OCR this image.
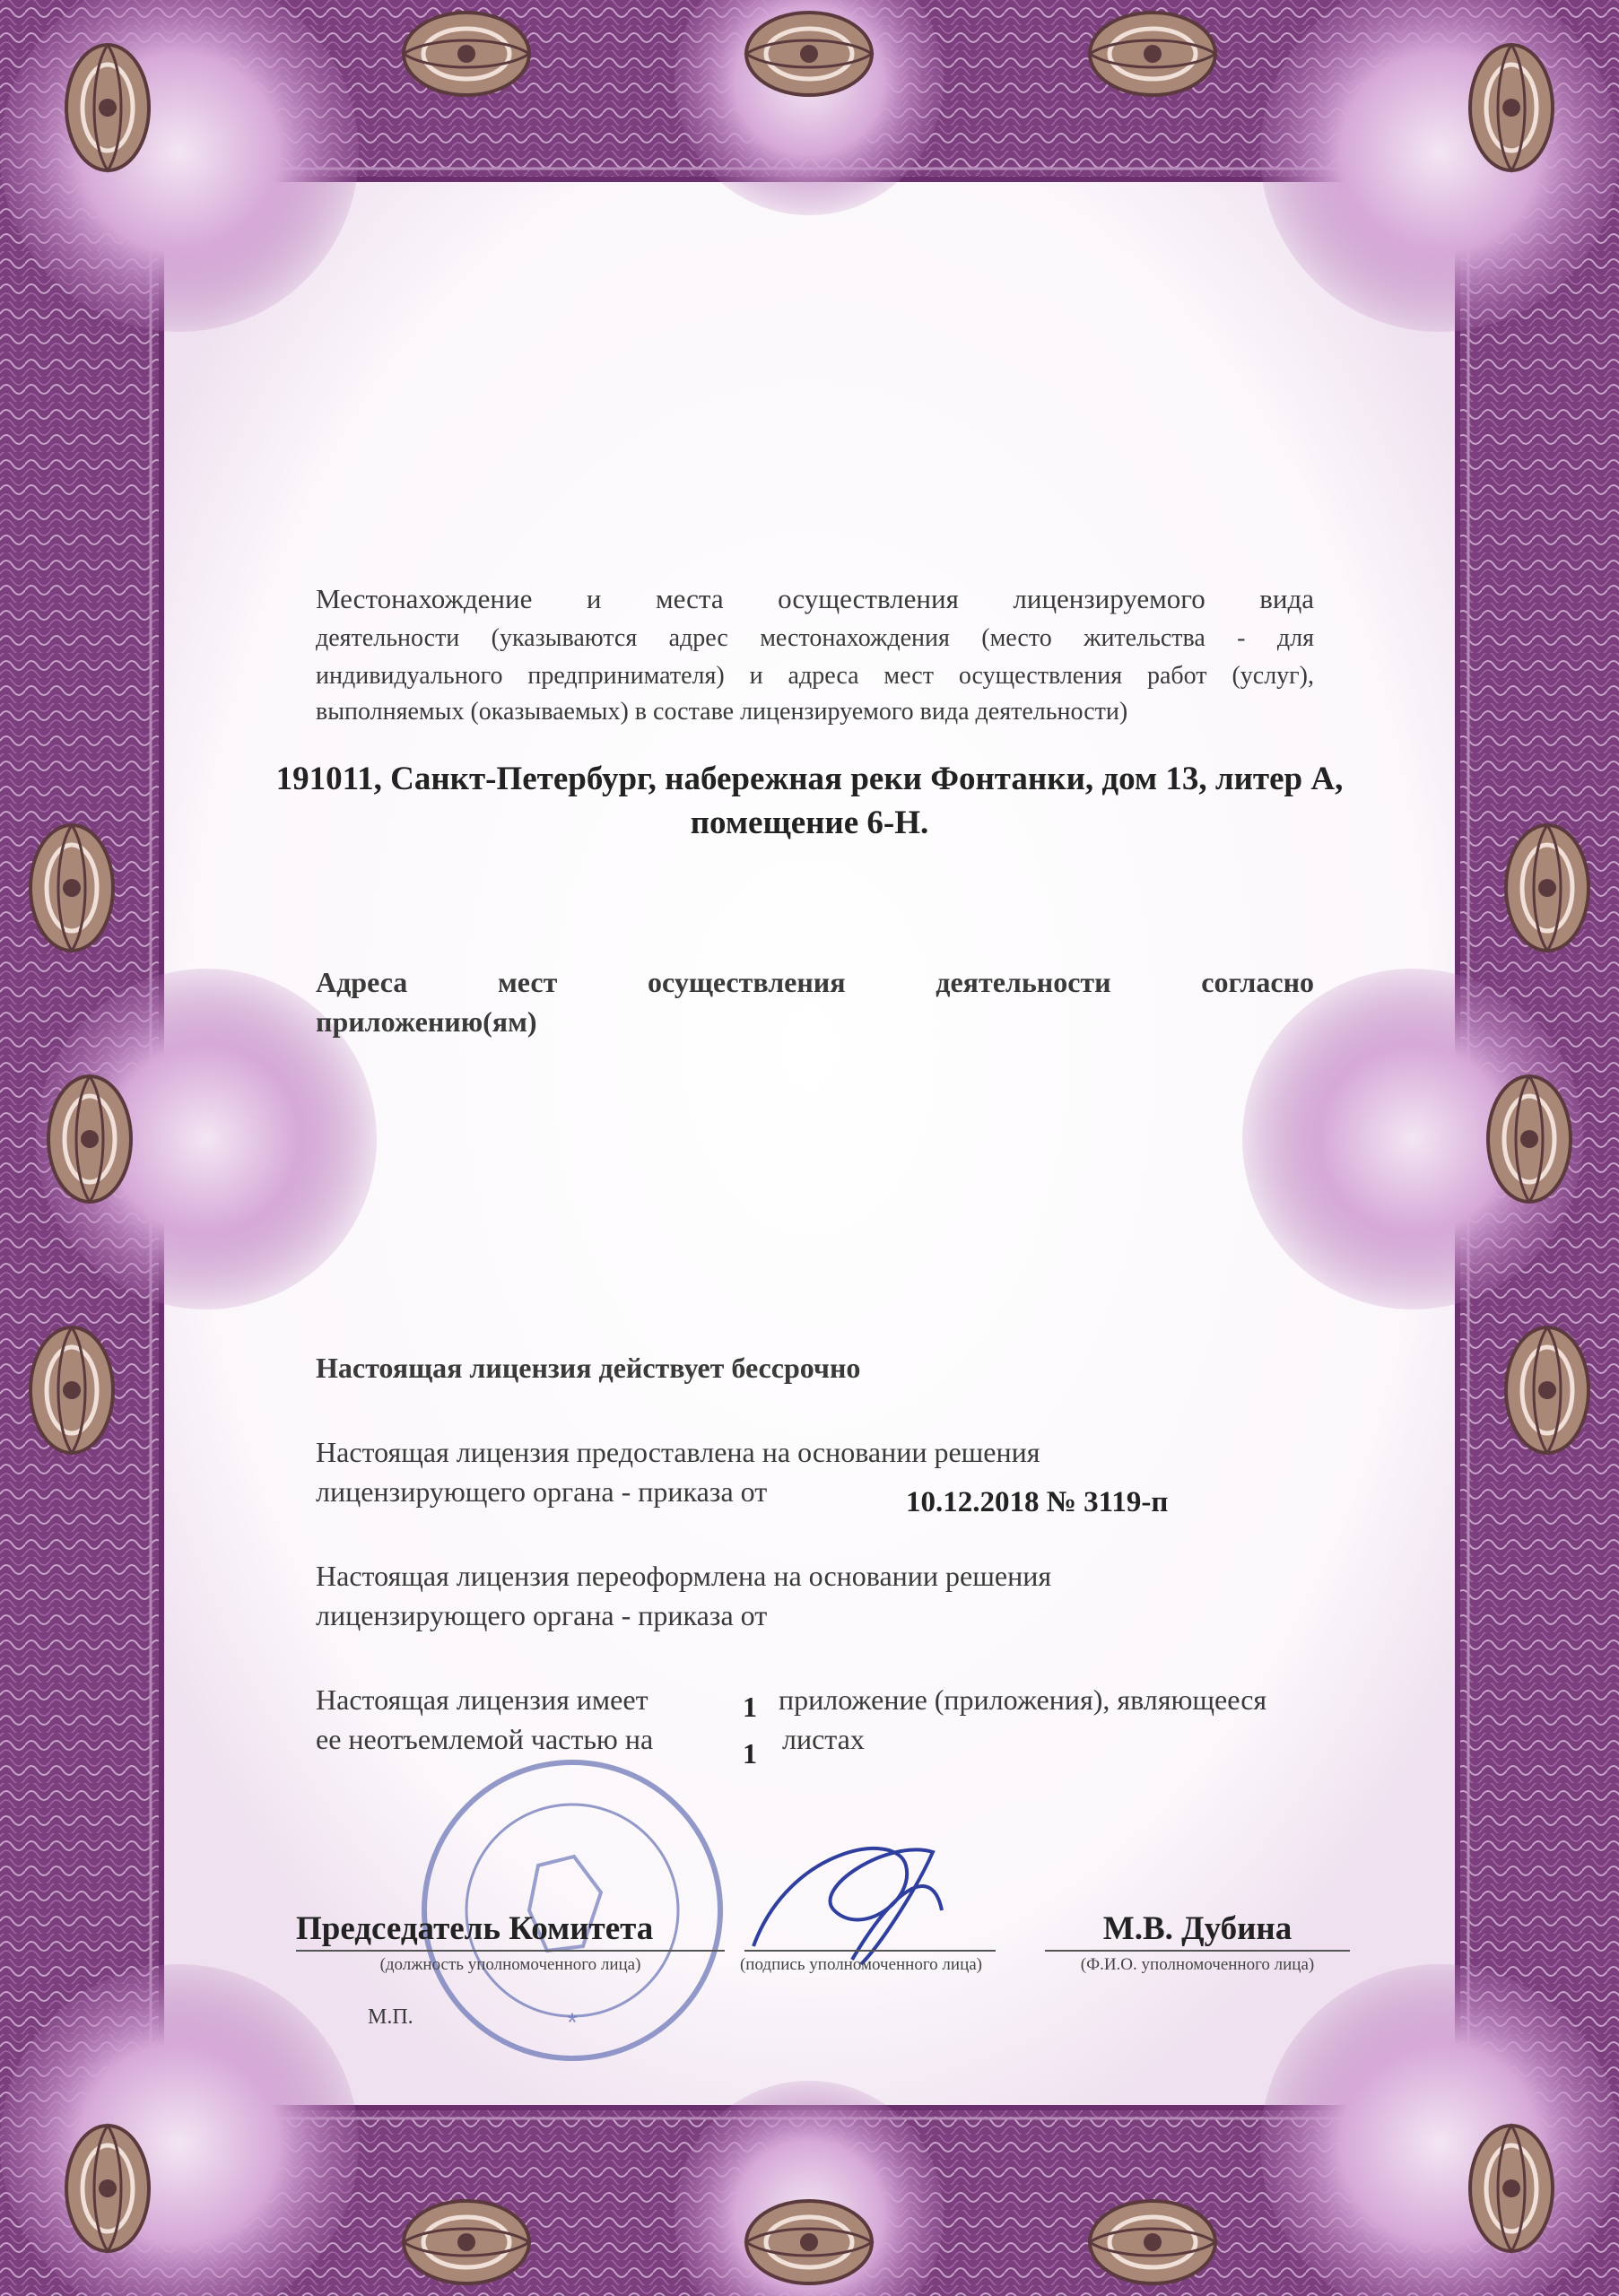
*
Местонахождение и места осуществления лицензируемого вида
деятельности (указываются адрес местонахождения (место жительства - для
индивидуального предпринимателя) и адреса мест осуществления работ (услуг),
выполняемых (оказываемых) в составе лицензируемого вида деятельности)
191011, Санкт-Петербург, набережная реки Фонтанки, дом 13, литер А,
помещение 6-Н.
Адреса мест осуществления деятельности согласно
приложению(ям)
Настоящая лицензия действует бессрочно
Настоящая лицензия предоставлена на основании решения
лицензирующего органа - приказа от	10.12.2018 № 3119-п
Настоящая лицензия переоформлена на основании решения
лицензирующего органа - приказа от
Настоящая лицензия имеет	1 приложение (приложения), являющееся
ее неотъемлемой частью на	1 листах
Председатель Комитета
(должность уполномоченного лица)	(подпись уполномоченного лица)
М.В. Дубина
(Ф.И.О. уполномоченного лица)
М.П.
